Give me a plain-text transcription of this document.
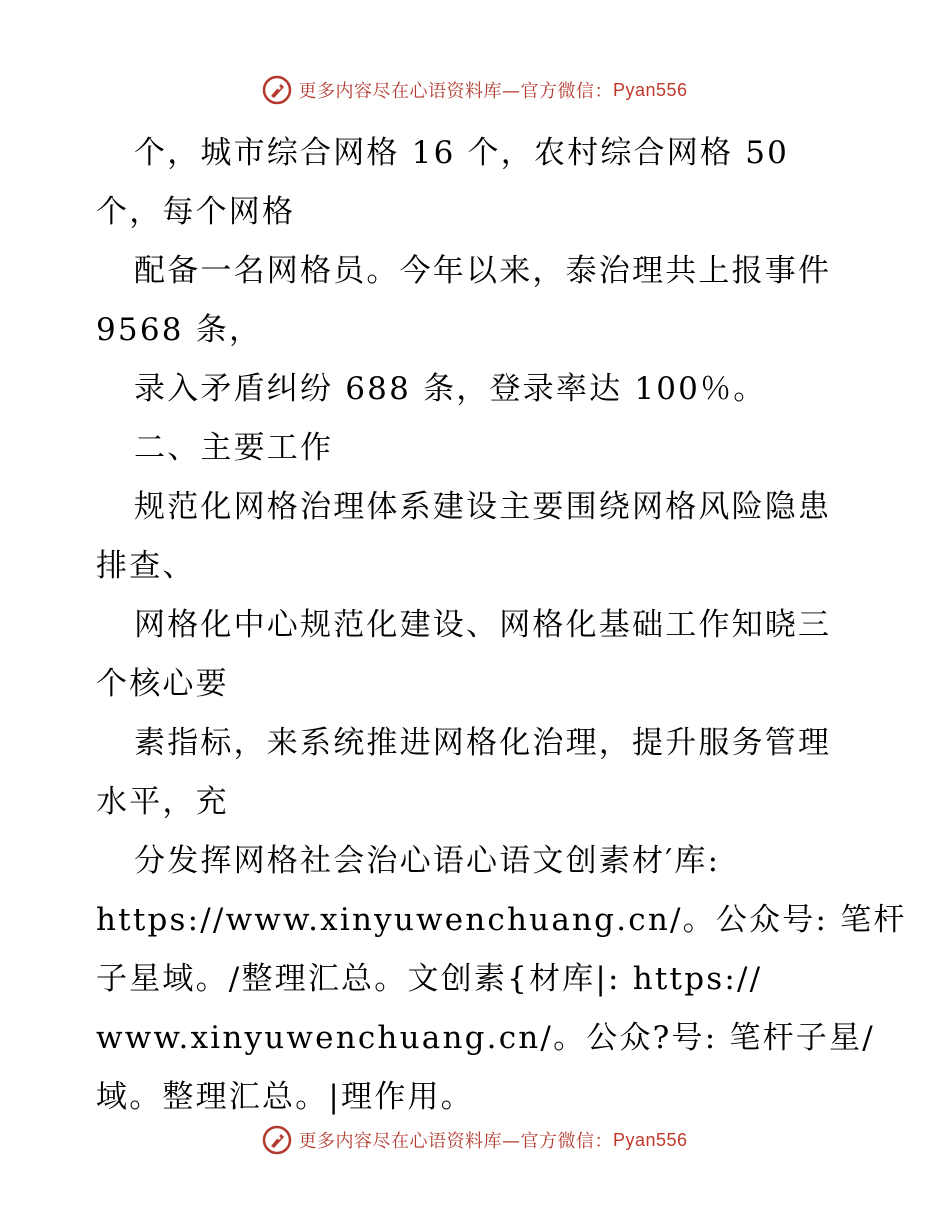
更多内容尽在心语资料库—官方微信： Pyan556
个，城市综合网格 16 个，农村综合网格 50
个，每个网格
配备一名网格员。今年以来，泰治理共上报事件
9568 条，
录入矛盾纠纷 688 条，登录率达 100％。
二、主要工作
规范化网格治理体系建设主要围绕网格风险隐患
排查、
网格化中心规范化建设、网格化基础工作知晓三
个核心要
素指标，来系统推进网格化治理，提升服务管理
水平，充
分发挥网格社会治心语心语文创素材′库:
https://www.xinyuwenchuang.cn/。公众号: 笔杆
子星域。/整理汇总。文创素{材库|: https://
www.xinyuwenchuang.cn/。公众?号: 笔杆子星/
域。整理汇总。|理作用。
更多内容尽在心语资料库—官方微信： Pyan556
